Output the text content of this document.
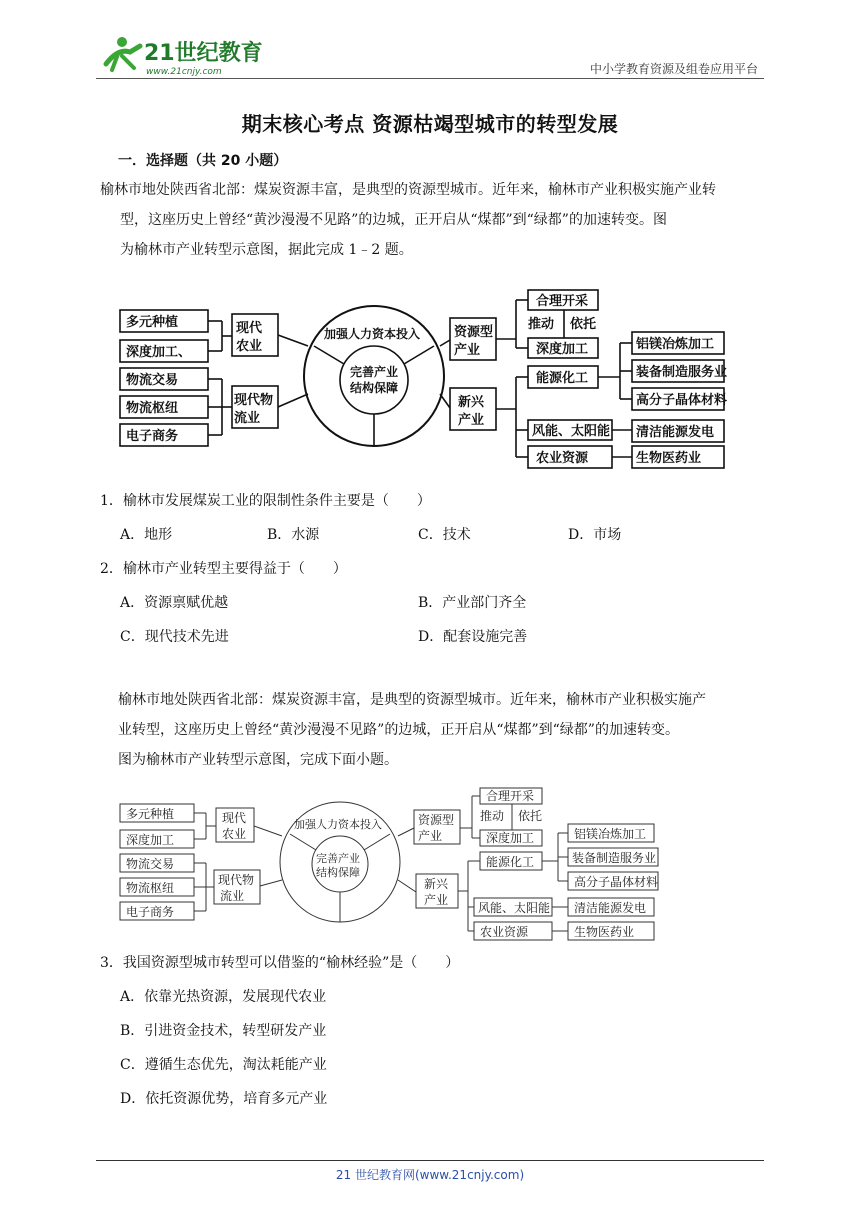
21世纪教育
www.21cnjy.com	中小学教育资源及组卷应用平台
期末核心考点 资源枯竭型城市的转型发展
一．选择题（共 20 小题）
榆林市地处陕西省北部：煤炭资源丰富，是典型的资源型城市。近年来，榆林市产业积极实施产业转
型，这座历史上曾经“黄沙漫漫不见路”的边城，正开启从“煤都”到“绿都”的加速转变。图
为榆林市产业转型示意图，据此完成 1﹣2 题。
多元种植
深度加工、
物流交易
物流枢纽
电子商务
现代
农业
现代物
流业
资源型
产业
新兴
产业
合理开采
深度加工
推动 依托
能源化工
风能、太阳能
农业资源
铝镁冶炼加工
装备制造服务业
高分子晶体材料
清洁能源发电
生物医药业
加强人力资本投入
完善产业
结构保障
1．榆林市发展煤炭工业的限制性条件主要是（　　）
A．地形	B．水源	C．技术	D．市场
2．榆林市产业转型主要得益于（　　）
A．资源禀赋优越	B．产业部门齐全
C．现代技术先进	D．配套设施完善
榆林市地处陕西省北部：煤炭资源丰富，是典型的资源型城市。近年来，榆林市产业积极实施产
业转型，这座历史上曾经“黄沙漫漫不见路”的边城，正开启从“煤都”到“绿都”的加速转变。
图为榆林市产业转型示意图，完成下面小题。
多元种植
深度加工
物流交易
物流枢纽
电子商务
现代
农业
现代物
流业
资源型
产业
新兴
产业
合理开采
深度加工
推动 依托
能源化工
风能、太阳能
农业资源
铝镁冶炼加工
装备制造服务业
高分子晶体材料
清洁能源发电
生物医药业
加强人力资本投入
完善产业
结构保障
3．我国资源型城市转型可以借鉴的“榆林经验”是（　　）
A．依靠光热资源，发展现代农业
B．引进资金技术，转型研发产业
C．遵循生态优先，淘汰耗能产业
D．依托资源优势，培育多元产业
21 世纪教育网(www.21cnjy.com)
